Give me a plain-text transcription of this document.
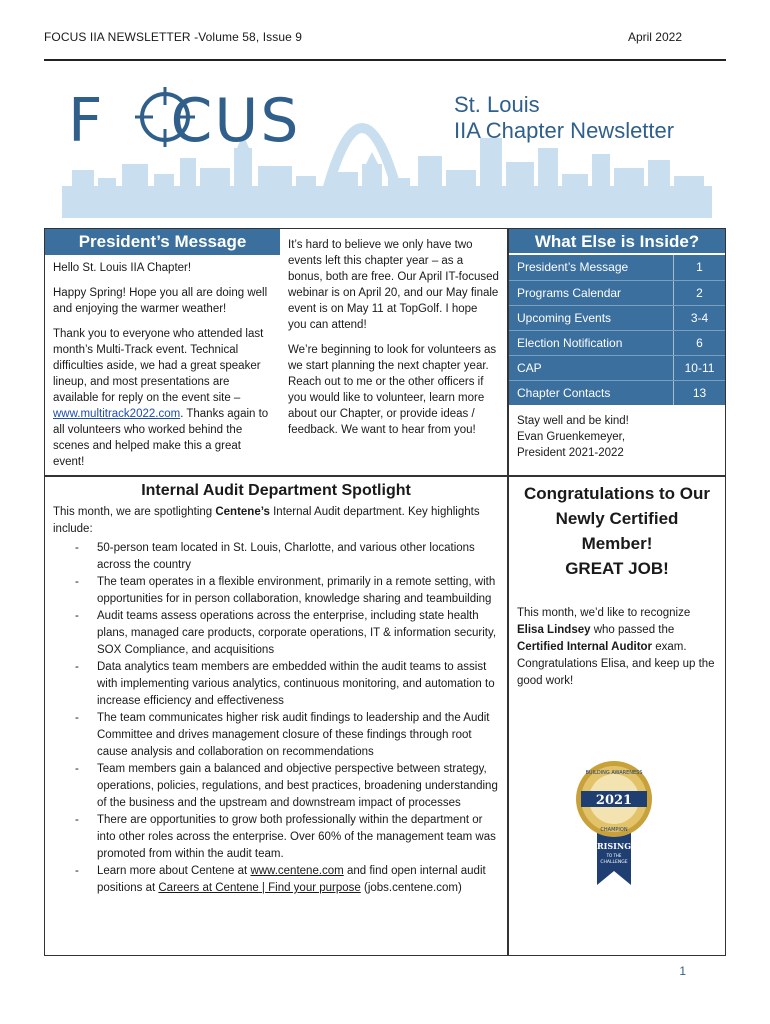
FOCUS IIA NEWSLETTER -Volume 58, Issue 9	April 2022
F CUS	St. Louis
IIA Chapter Newsletter
President’s Message

Hello St. Louis IIA Chapter!

Happy Spring! Hope you all are doing well and enjoying the warmer weather!

Thank you to everyone who attended last month’s Multi-Track event. Technical difficulties aside, we had a great speaker lineup, and most presentations are available for reply on the event site – www.multitrack2022.com. Thanks again to all volunteers who worked behind the scenes and helped make this a great event!

It’s hard to believe we only have two events left this chapter year – as a bonus, both are free. Our April IT-focused webinar is on April 20, and our May finale event is on May 11 at TopGolf. I hope you can attend!

We’re beginning to look for volunteers as we start planning the next chapter year. Reach out to me or the other officers if you would like to volunteer, learn more about our Chapter, or provide ideas / feedback. We want to hear from you!

What Else is Inside?
President’s Message	1
Programs Calendar	2
Upcoming Events	3-4
Election Notification	6
CAP	10-11
Chapter Contacts	13
Stay well and be kind!
Evan Gruenkemeyer,
President 2021-2022
Internal Audit Department Spotlight
This month, we are spotlighting Centene’s Internal Audit department. Key highlights include:
- 50-person team located in St. Louis, Charlotte, and various other locations across the country
- The team operates in a flexible environment, primarily in a remote setting, with opportunities for in person collaboration, knowledge sharing and teambuilding
- Audit teams assess operations across the enterprise, including state health plans, managed care products, corporate operations, IT & information security, SOX Compliance, and acquisitions
- Data analytics team members are embedded within the audit teams to assist with implementing various analytics, continuous monitoring, and automation to increase efficiency and effectiveness
- The team communicates higher risk audit findings to leadership and the Audit Committee and drives management closure of these findings through root cause analysis and collaboration on recommendations
- Team members gain a balanced and objective perspective between strategy, operations, policies, regulations, and best practices, broadening understanding of the business and the upstream and downstream impact of processes
- There are opportunities to grow both professionally within the department or into other roles across the enterprise. Over 60% of the management team was promoted from within the audit team.
- Learn more about Centene at www.centene.com and find open internal audit positions at Careers at Centene | Find your purpose (jobs.centene.com)
Congratulations to Our
Newly Certified
Member!
GREAT JOB!
This month, we’d like to recognize Elisa Lindsey who passed the Certified Internal Auditor exam. Congratulations Elisa, and keep up the good work!
RISING
TO THE
CHALLENGE
2021
BUILDING AWARENESS
CHAMPION
1
